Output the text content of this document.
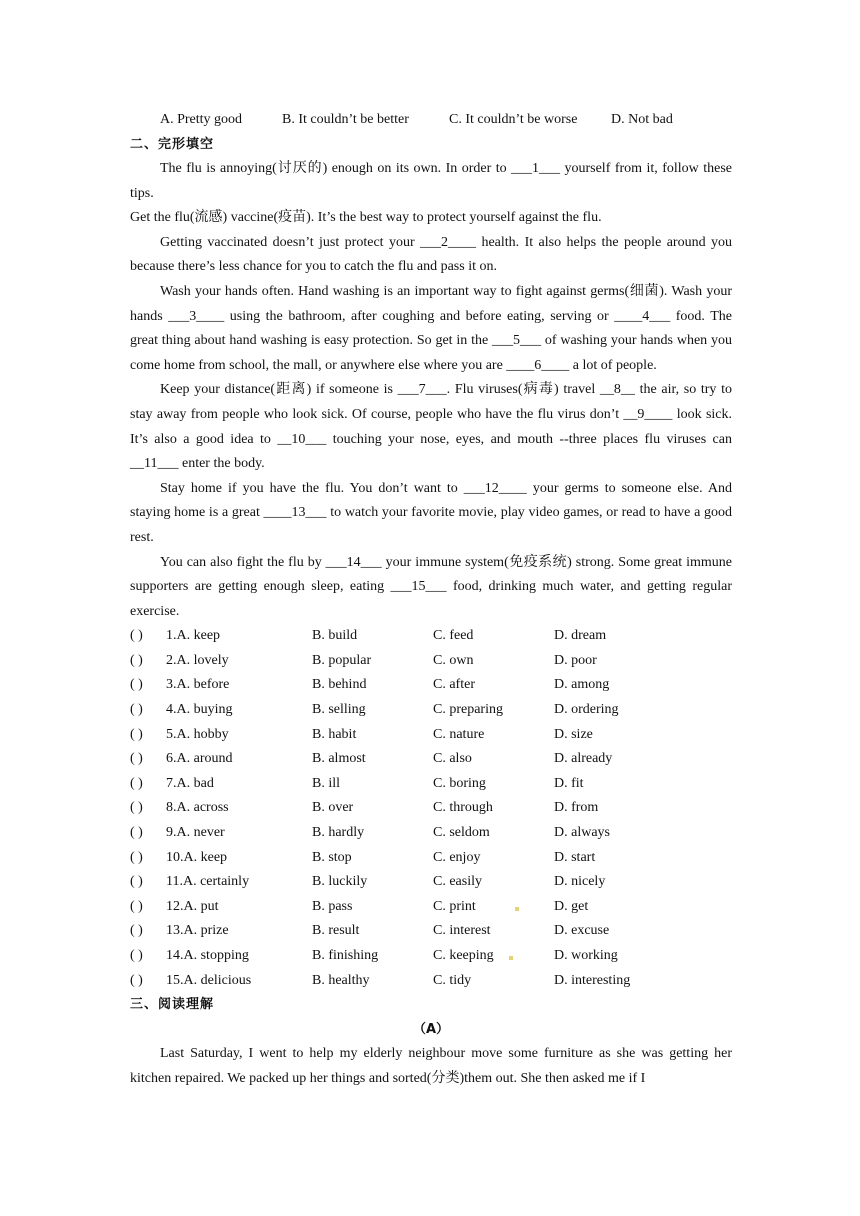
A. Pretty good	B. It couldn’t be better	C. It couldn’t be worse	D. Not bad
二、完形填空

The flu is annoying(讨厌的) enough on its own. In order to ___1___ yourself from it, follow these tips.

Get the flu(流感) vaccine(疫苗). It’s the best way to protect yourself against the flu.

Getting vaccinated doesn’t just protect your ___2____ health. It also helps the people around you because there’s less chance for you to catch the flu and pass it on.

Wash your hands often. Hand washing is an important way to fight against germs(细菌). Wash your hands ___3____ using the bathroom, after coughing and before eating, serving or ____4___ food. The great thing about hand washing is easy protection. So get in the ___5___ of washing your hands when you come home from school, the mall, or anywhere else where you are ____6____ a lot of people.

Keep your distance(距离) if someone is ___7___. Flu viruses(病毒) travel __8__ the air, so try to stay away from people who look sick. Of course, people who have the flu virus don’t __9____ look sick. It’s also a good idea to __10___ touching your nose, eyes, and mouth --three places flu viruses can __11___ enter the body.

Stay home if you have the flu. You don’t want to ___12____ your germs to someone else. And staying home is a great ____13___ to watch your favorite movie, play video games, or read to have a good rest.

You can also fight the flu by ___14___ your immune system(免疫系统) strong. Some great immune supporters are getting enough sleep, eating ___15___ food, drinking much water, and getting regular exercise.

( )	1.A. keep	B. build	C. feed	D. dream
( )	2.A. lovely	B. popular	C. own	D. poor
( )	3.A. before	B. behind	C. after	D. among
( )	4.A. buying	B. selling	C. preparing	D. ordering
( )	5.A. hobby	B. habit	C. nature	D. size
( )	6.A. around	B. almost	C. also	D. already
( )	7.A. bad	B. ill	C. boring	D. fit
( )	8.A. across	B. over	C. through	D. from
( )	9.A. never	B. hardly	C. seldom	D. always
( )	10.A. keep	B. stop	C. enjoy	D. start
( )	11.A. certainly	B. luckily	C. easily	D. nicely
( )	12.A. put	B. pass	C. print	D. get
( )	13.A. prize	B. result	C. interest	D. excuse
( )	14.A. stopping	B. finishing	C. keeping	D. working
( )	15.A. delicious	B. healthy	C. tidy	D. interesting
三、阅读理解
（A）

Last Saturday, I went to help my elderly neighbour move some furniture as she was getting her kitchen repaired. We packed up her things and sorted(分类)them out. She then asked me if I
